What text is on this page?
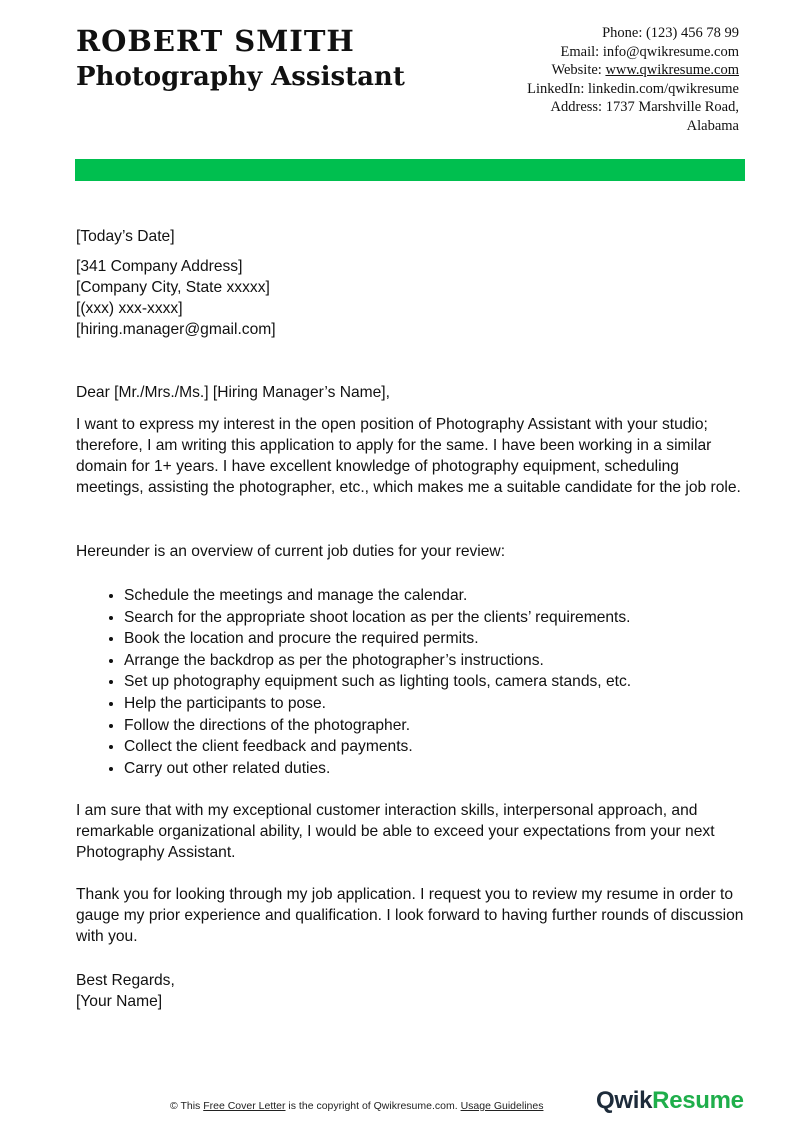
ROBERT SMITH
Photography Assistant
Phone: (123) 456 78 99
Email: info@qwikresume.com
Website: www.qwikresume.com
LinkedIn: linkedin.com/qwikresume
Address: 1737 Marshville Road,
Alabama
[Today’s Date]
[341 Company Address]
[Company City, State xxxxx]
[(xxx) xxx-xxxx]
[hiring.manager@gmail.com]
Dear [Mr./Mrs./Ms.] [Hiring Manager’s Name],
I want to express my interest in the open position of Photography Assistant with your studio; therefore, I am writing this application to apply for the same. I have been working in a similar domain for 1+ years. I have excellent knowledge of photography equipment, scheduling meetings, assisting the photographer, etc., which makes me a suitable candidate for the job role.
Hereunder is an overview of current job duties for your review:
• Schedule the meetings and manage the calendar.
• Search for the appropriate shoot location as per the clients’ requirements.
• Book the location and procure the required permits.
• Arrange the backdrop as per the photographer’s instructions.
• Set up photography equipment such as lighting tools, camera stands, etc.
• Help the participants to pose.
• Follow the directions of the photographer.
• Collect the client feedback and payments.
• Carry out other related duties.
I am sure that with my exceptional customer interaction skills, interpersonal approach, and remarkable organizational ability, I would be able to exceed your expectations from your next Photography Assistant.
Thank you for looking through my job application. I request you to review my resume in order to gauge my prior experience and qualification. I look forward to having further rounds of discussion with you.
Best Regards,
[Your Name]
© This Free Cover Letter is the copyright of Qwikresume.com. Usage Guidelines QwikResume
